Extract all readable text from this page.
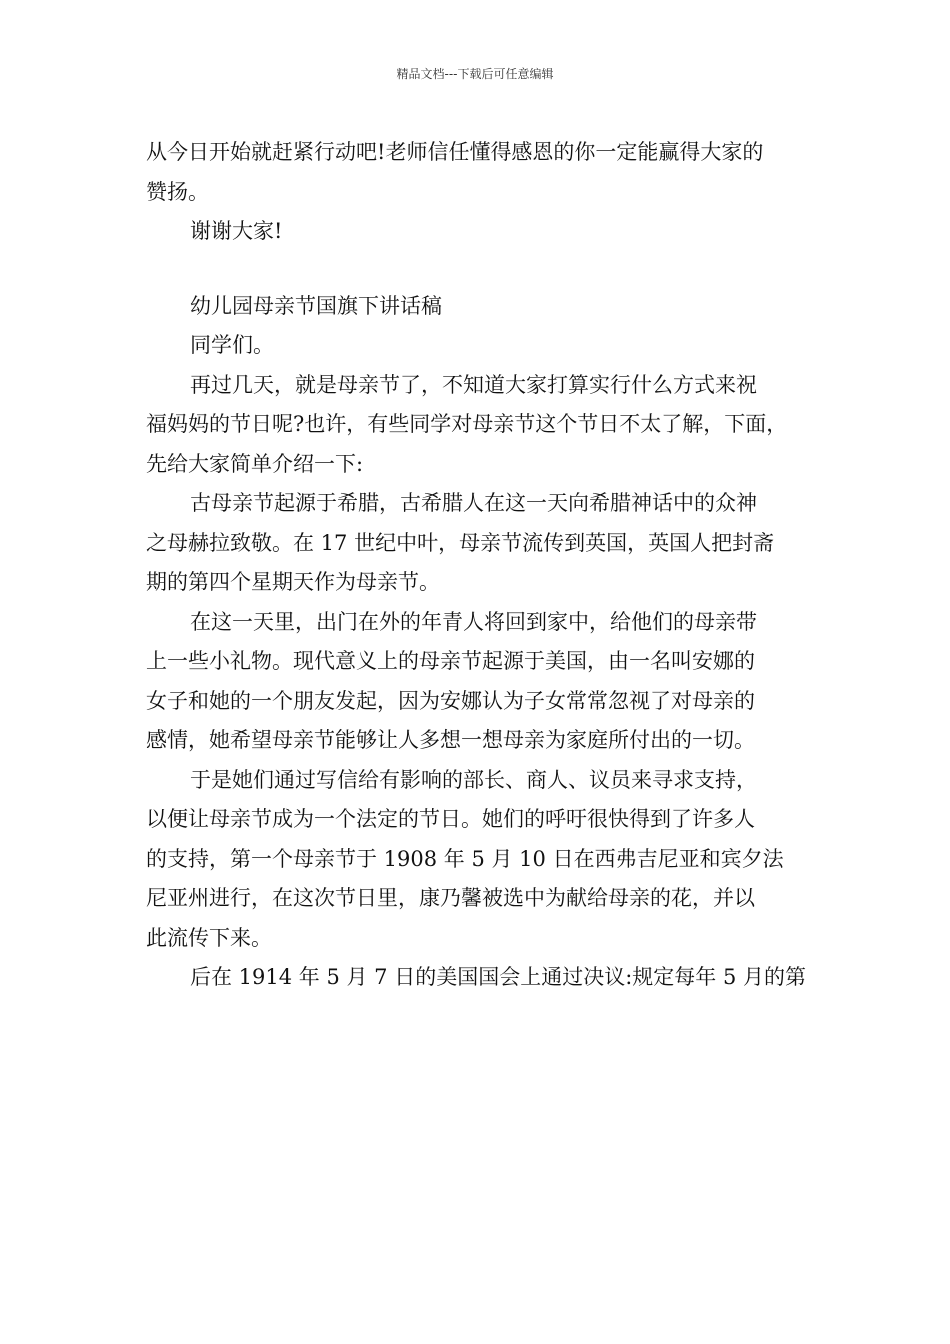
精品文档---下载后可任意编辑

从今日开始就赶紧行动吧!老师信任懂得感恩的你一定能赢得大家的
赞扬。

谢谢大家!

幼儿园母亲节国旗下讲话稿

同学们。

再过几天，就是母亲节了，不知道大家打算实行什么方式来祝
福妈妈的节日呢?也许，有些同学对母亲节这个节日不太了解，下面，
先给大家简单介绍一下:

古母亲节起源于希腊，古希腊人在这一天向希腊神话中的众神
之母赫拉致敬。在 17 世纪中叶，母亲节流传到英国，英国人把封斋
期的第四个星期天作为母亲节。

在这一天里，出门在外的年青人将回到家中，给他们的母亲带
上一些小礼物。现代意义上的母亲节起源于美国，由一名叫安娜的
女子和她的一个朋友发起，因为安娜认为子女常常忽视了对母亲的
感情，她希望母亲节能够让人多想一想母亲为家庭所付出的一切。

于是她们通过写信给有影响的部长、商人、议员来寻求支持，
以便让母亲节成为一个法定的节日。她们的呼吁很快得到了许多人
的支持，第一个母亲节于 1908 年 5 月 10 日在西弗吉尼亚和宾夕法
尼亚州进行，在这次节日里，康乃馨被选中为献给母亲的花，并以
此流传下来。

后在 1914 年 5 月 7 日的美国国会上通过决议:规定每年 5 月的第
